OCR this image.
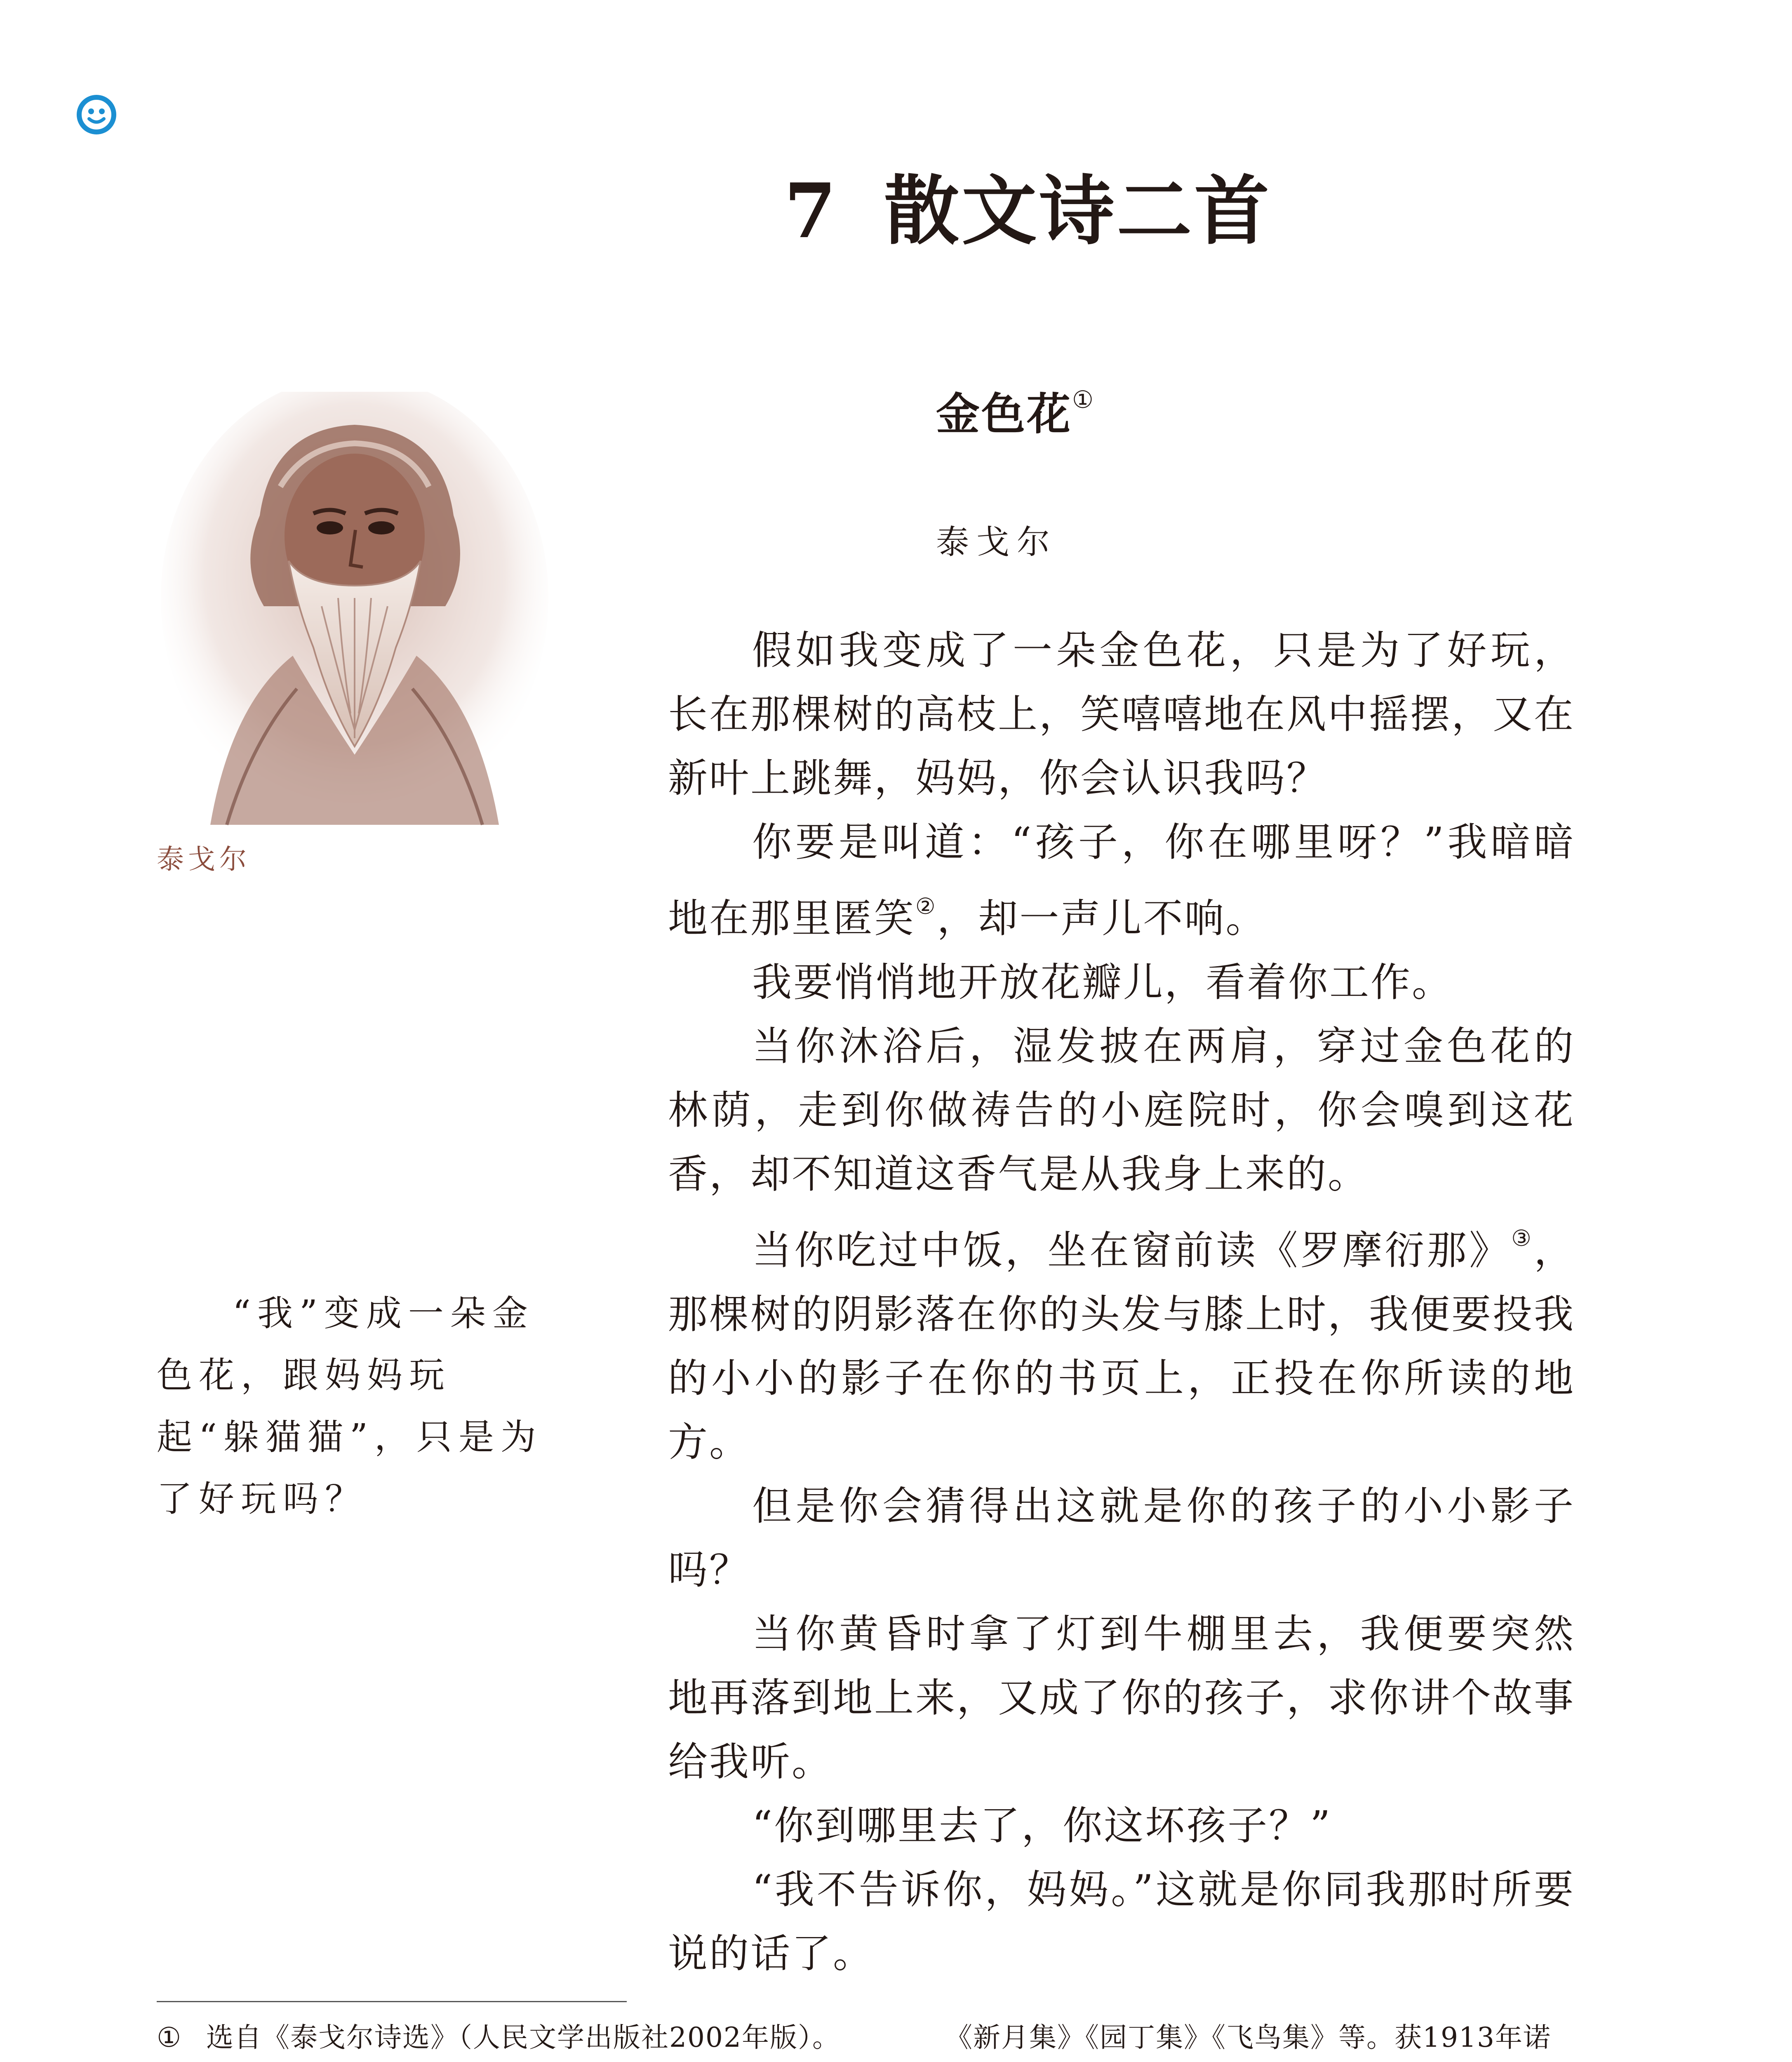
7 散文诗二首
泰戈尔
金色花①
泰戈尔

假如我变成了一朵金色花，只是为了好玩，长在那棵树的高枝上，笑嘻嘻地在风中摇摆，又在新叶上跳舞，妈妈，你会认识我吗？

你要是叫道：“孩子，你在哪里呀？”我暗暗地在那里匿笑②，却一声儿不响。

我要悄悄地开放花瓣儿，看着你工作。

当你沐浴后，湿发披在两肩，穿过金色花的林荫，走到你做祷告的小庭院时，你会嗅到这花香，却不知道这香气是从我身上来的。

当你吃过中饭，坐在窗前读《罗摩衍那》③，那棵树的阴影落在你的头发与膝上时，我便要投我的小小的影子在你的书页上，正投在你所读的地方。

但是你会猜得出这就是你的孩子的小小影子吗？

当你黄昏时拿了灯到牛棚里去，我便要突然地再落到地上来，又成了你的孩子，求你讲个故事给我听。

“你到哪里去了，你这坏孩子？”

“我不告诉你，妈妈。”这就是你同我那时所要说的话了。

“我”变成一朵金色花，跟妈妈玩起“躲猫猫”，只是为了好玩吗？

① 选自《泰戈尔诗选》（人民文学出版社2002年版）。	《新月集》《园丁集》《飞鸟集》等。获1913年诺
